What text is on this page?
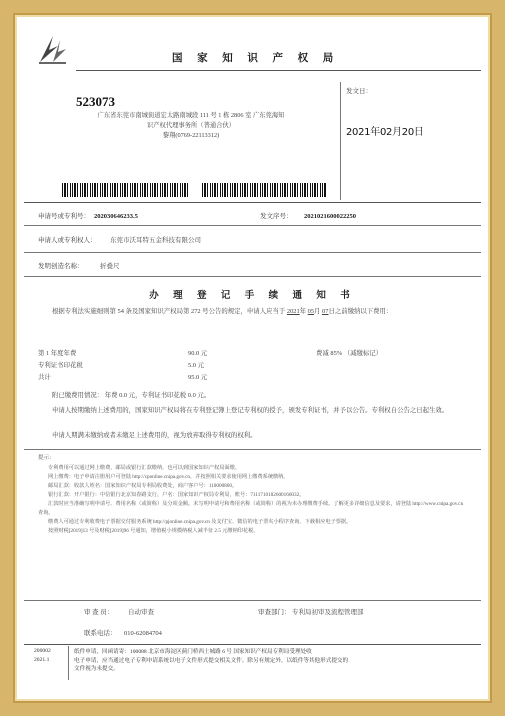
国 家 知 识 产 权 局
523073
广东省东莞市南城街道宏太路南城段 111 号 1 栋 2806 室 广东莞海知
识产权代理事务所（普通合伙）
黎翔(0769-22113312)
发文日：
2021年02月20日
申请号或专利号： 202030646233.5	发文序号： 2021021600022250
申请人或专利权人： 东莞市沃耳特五金科技有限公司
发明创造名称：	折叠尺
办 理 登 记 手 续 通 知 书
根据专利法实施细则第 54 条及国家知识产权局第 272 号公告的规定，申请人应当于 2021年 05月 07日之前缴纳以下费用：
第 1 年度年费	90.0 元	费减 85% （减缴标记）
专利证书印花税	5.0 元
共计	95.0 元
附已缴费用情况： 年费 0.0 元，专利证书印花税 0.0 元。
申请人按期缴纳上述费用的，国家知识产权局将在专利登记簿上登记专利权的授予，颁发专利证书，并予以公告。专利权自公告之日起生效。
申请人期满未缴纳或者未缴足上述费用的，视为放弃取得专利权的权利。
提示：

专利费用可以通过网上缴费、邮局或银行汇款缴纳，也可以到国家知识产权局面缴。

网上缴费：电子申请注册用户可登陆 http://cponline.cnipa.gov.cn，并按照相关要求使用网上缴费系统缴纳。

邮局汇款：收款人姓名：国家知识产权局专利局收费处，商户客户号：110000860。

银行汇款：开户银行：中信银行北京知春路支行，户名：国家知识产权局专利局，账号：7111710182600166032。

汇款时应当准确写明申请号、费用名称（或简称）及分项金额。未写明申请号和费用名称（或简称）的视为未办理缴费手续。了解更多详细信息及要求，请登陆 http://www.cnipa.gov.cn 查询。

缴费人可通过专利收费电子票据交付服务系统 http://pjonline.cnipa.gov.cn 及支付宝、微信的电子票夹小程序查询、下载相应电子票据。

按照财税[2019]13 号及财税[2019]96 号通知，增值税小规模纳税人减半征 2.5 元缴纳印花税。

审 查 员： 自动审查	审查部门： 专利局初审及流程管理部
联系电话： 010-62084704
200002
2021.1
纸件申请，回函请寄：100088 北京市海淀区蓟门桥西土城路 6 号 国家知识产权局专利局受理处收
电子申请，应当通过电子专利申请系统以电子文件形式提交相关文件。除另有规定外，以纸件等其他形式提交的
文件视为未提交。
